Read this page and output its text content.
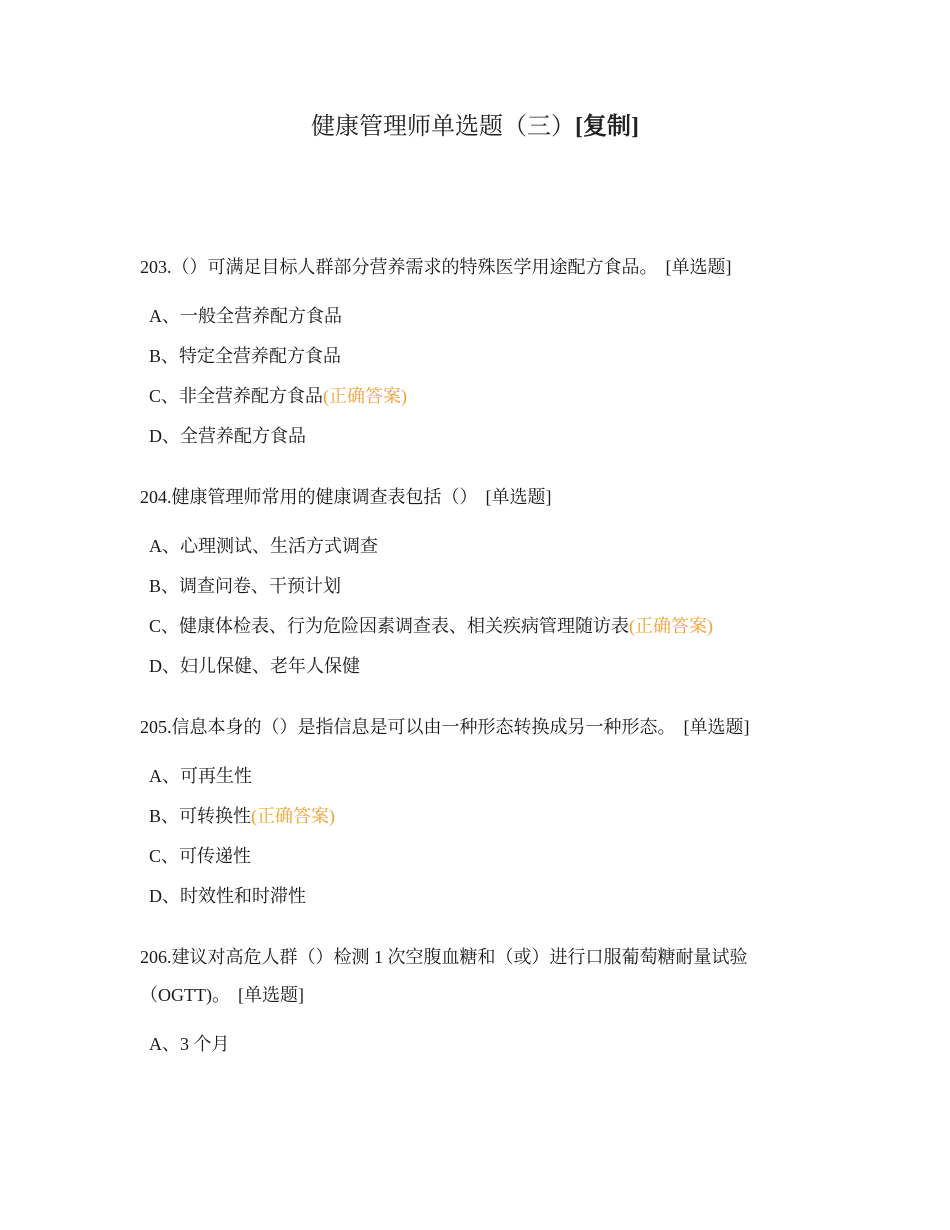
健康管理师单选题（三）[复制]
203.（）可满足目标人群部分营养需求的特殊医学用途配方食品。 [单选题]
A、一般全营养配方食品
B、特定全营养配方食品
C、非全营养配方食品(正确答案)
D、全营养配方食品
204.健康管理师常用的健康调查表包括（） [单选题]
A、心理测试、生活方式调查
B、调查问卷、干预计划
C、健康体检表、行为危险因素调查表、相关疾病管理随访表(正确答案)
D、妇儿保健、老年人保健
205.信息本身的（）是指信息是可以由一种形态转换成另一种形态。 [单选题]
A、可再生性
B、可转换性(正确答案)
C、可传递性
D、时效性和时滞性
206.建议对高危人群（）检测 1 次空腹血糖和（或）进行口服葡萄糖耐量试验（OGTT)。 [单选题]
A、3 个月
